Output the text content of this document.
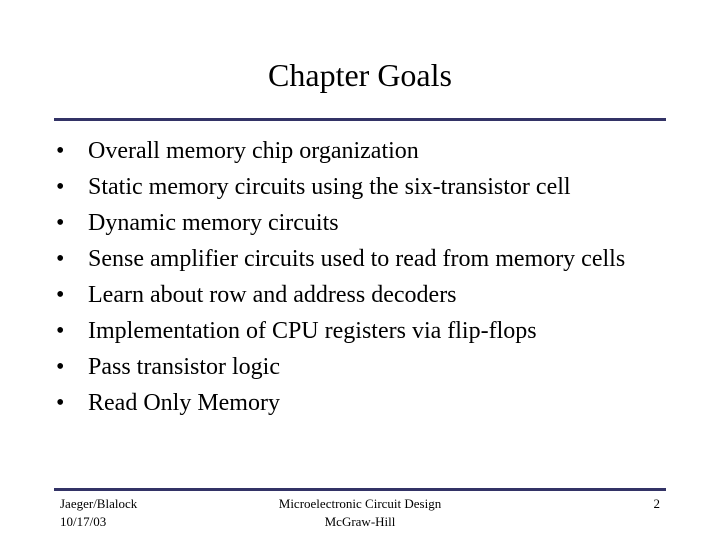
Chapter Goals
• Overall memory chip organization
• Static memory circuits using the six-transistor cell
• Dynamic memory circuits
• Sense amplifier circuits used to read from memory cells
• Learn about row and address decoders
• Implementation of CPU registers via flip-flops
• Pass transistor logic
• Read Only Memory
Jaeger/Blalock
10/17/03
Microelectronic Circuit Design
McGraw-Hill
2
